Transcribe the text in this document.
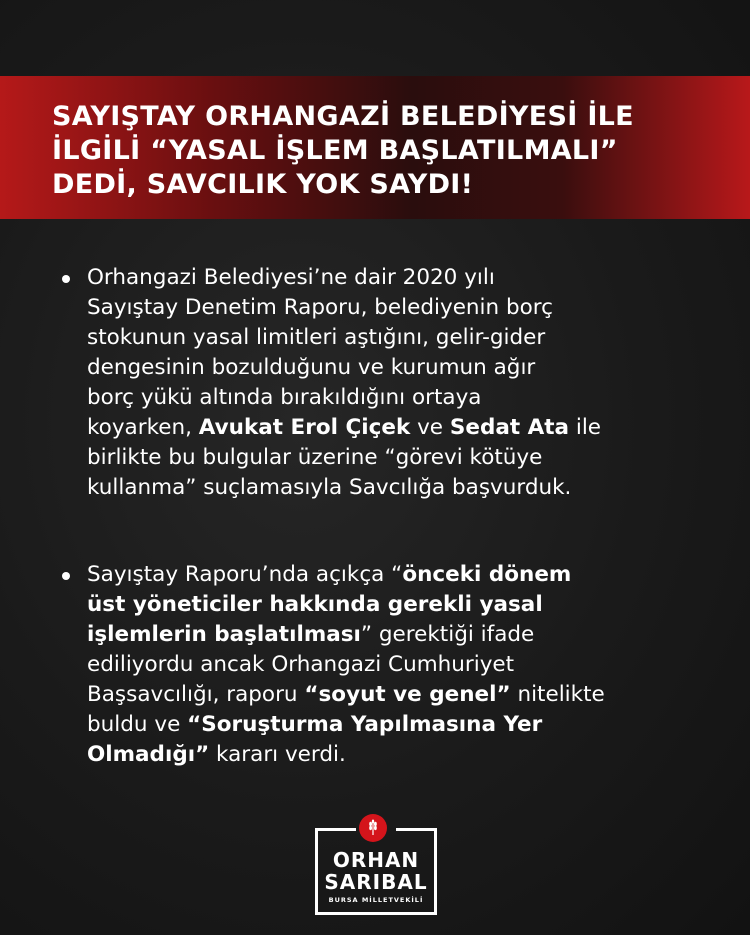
SAYIŞTAY ORHANGAZİ BELEDİYESİ İLE
İLGİLİ “YASAL İŞLEM BAŞLATILMALI”
DEDİ, SAVCILIK YOK SAYDI!
Orhangazi Belediyesi’ne dair 2020 yılı
Sayıştay Denetim Raporu, belediyenin borç
stokunun yasal limitleri aştığını, gelir-gider
dengesinin bozulduğunu ve kurumun ağır
borç yükü altında bırakıldığını ortaya
koyarken, Avukat Erol Çiçek ve Sedat Ata ile
birlikte bu bulgular üzerine “görevi kötüye
kullanma” suçlamasıyla Savcılığa başvurduk.
Sayıştay Raporu’nda açıkça “önceki dönem
üst yöneticiler hakkında gerekli yasal
işlemlerin başlatılması” gerektiği ifade
ediliyordu ancak Orhangazi Cumhuriyet
Başsavcılığı, raporu “soyut ve genel” nitelikte
buldu ve “Soruşturma Yapılmasına Yer
Olmadığı” kararı verdi.
ORHAN
SARIBAL
BURSA MİLLETVEKİLİ
